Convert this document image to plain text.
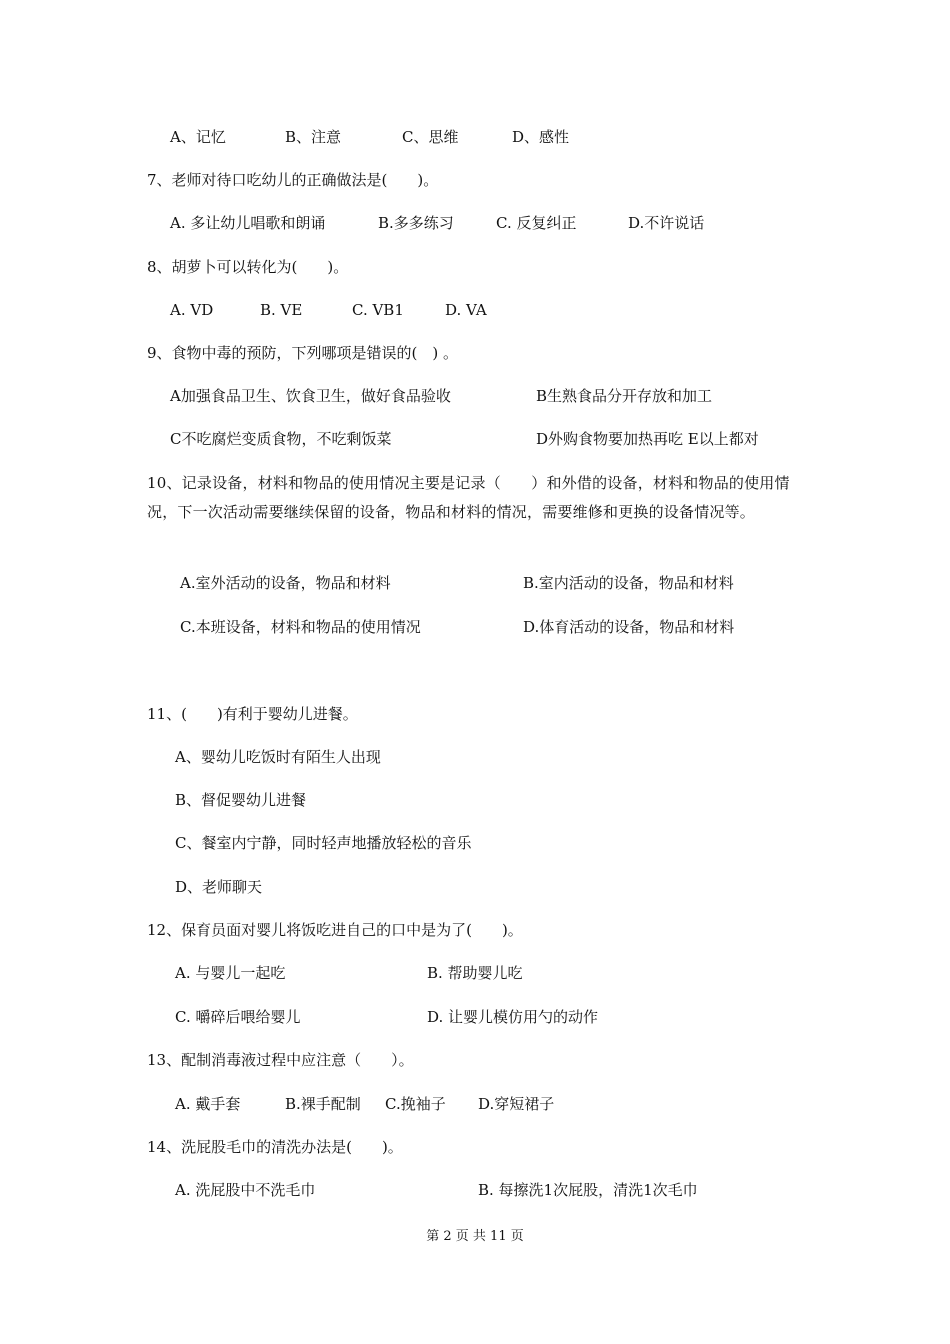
A、记忆	B、注意	C、思维	D、感性
7、老师对待口吃幼儿的正确做法是(　　)。
A. 多让幼儿唱歌和朗诵	B.多多练习	C. 反复纠正	D.不许说话
8、胡萝卜可以转化为(　　)。
A. VD	B. VE	C. VB1	D. VA
9、食物中毒的预防，下列哪项是错误的(　) 。
A加强食品卫生、饮食卫生，做好食品验收	B生熟食品分开存放和加工
C不吃腐烂变质食物，不吃剩饭菜	D外购食物要加热再吃 E以上都对
10、记录设备，材料和物品的使用情况主要是记录（　　）和外借的设备，材料和物品的使用情况，下一次活动需要继续保留的设备，物品和材料的情况，需要维修和更换的设备情况等。
A.室外活动的设备，物品和材料	B.室内活动的设备，物品和材料
C.本班设备，材料和物品的使用情况	D.体育活动的设备，物品和材料
11、(　　)有利于婴幼儿进餐。
A、婴幼儿吃饭时有陌生人出现
B、督促婴幼儿进餐
C、餐室内宁静，同时轻声地播放轻松的音乐
D、老师聊天
12、保育员面对婴儿将饭吃进自己的口中是为了(　　)。
A. 与婴儿一起吃	B. 帮助婴儿吃
C. 嚼碎后喂给婴儿	D. 让婴儿模仿用勺的动作
13、配制消毒液过程中应注意（　　）。
A. 戴手套	B.裸手配制 C.挽袖子 D.穿短裙子
14、洗屁股毛巾的清洗办法是(　　)。
A. 洗屁股中不洗毛巾	B. 每擦洗1次屁股，清洗1次毛巾
第 2 页 共 11 页
